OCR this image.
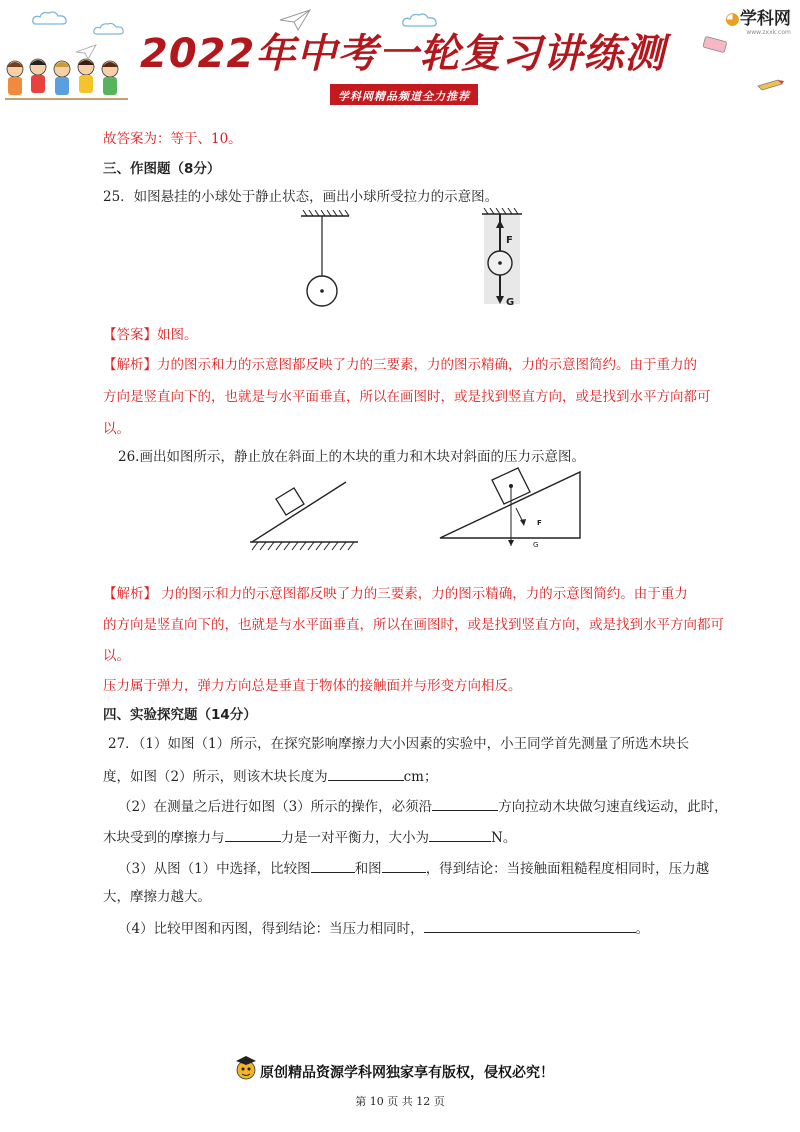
2022年中考一轮复习讲练测
学科网精品频道全力推荐
◕学科网
www.zxxk.com
故答案为：等于、10。
三、作图题（8分）
25．如图悬挂的小球处于静止状态，画出小球所受拉力的示意图。
F
G
【答案】如图。
【解析】力的图示和力的示意图都反映了力的三要素，力的图示精确，力的示意图简约。由于重力的
方向是竖直向下的，也就是与水平面垂直，所以在画图时，或是找到竖直方向，或是找到水平方向都可
以。
26.画出如图所示，静止放在斜面上的木块的重力和木块对斜面的压力示意图。
F
G
【解析】 力的图示和力的示意图都反映了力的三要素，力的图示精确，力的示意图简约。由于重力
的方向是竖直向下的，也就是与水平面垂直，所以在画图时，或是找到竖直方向，或是找到水平方向都可
以。
压力属于弹力，弹力方向总是垂直于物体的接触面并与形变方向相反。
四、实验探究题（14分）
27．（1）如图（1）所示，在探究影响摩擦力大小因素的实验中，小王同学首先测量了所选木块长
度，如图（2）所示，则该木块长度为	cm；
（2）在测量之后进行如图（3）所示的操作，必须沿	方向拉动木块做匀速直线运动，此时，
木块受到的摩擦力与	力是一对平衡力，大小为	N。
（3）从图（1）中选择，比较图	和图	，得到结论：当接触面粗糙程度相同时，压力越
大，摩擦力越大。
（4）比较甲图和丙图，得到结论：当压力相同时，	。
原创精品资源学科网独家享有版权，侵权必究！
第 10 页 共 12 页
